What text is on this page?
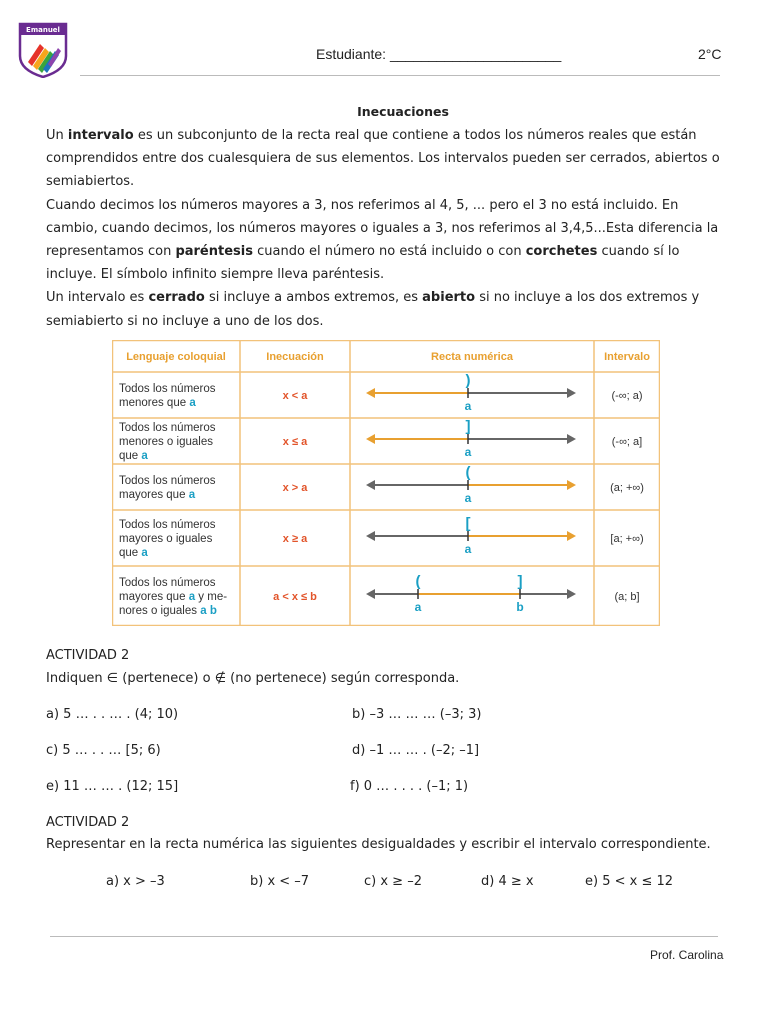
Emanuel
Estudiante: ______________________	2°C
Inecuaciones

Un intervalo es un subconjunto de la recta real que contiene a todos los números reales que están comprendidos entre dos cualesquiera de sus elementos. Los intervalos pueden ser cerrados, abiertos o semiabiertos.

Cuando decimos los números mayores a 3, nos referimos al 4, 5, ... pero el 3 no está incluido. En cambio, cuando decimos, los números mayores o iguales a 3, nos referimos al 3,4,5...Esta diferencia la representamos con paréntesis cuando el número no está incluido o con corchetes cuando sí lo incluye. El símbolo infinito siempre lleva paréntesis.

Un intervalo es cerrado si incluye a ambos extremos, es abierto si no incluye a los dos extremos y semiabierto si no incluye a uno de los dos.

Lenguaje coloquial	Inecuación	Recta numérica	Intervalo
Todos los números
menores que a
x < a	(-∞; a)
)
a
Todos los números
menores o iguales
que a
x ≤ a	(-∞; a]
]
a
Todos los números
mayores que a
x > a	(a; +∞)
(
a
Todos los números
mayores o iguales
que a
x ≥ a	[a; +∞)
[
a
Todos los números
mayores que a y me-
nores o iguales a b
a < x ≤ b	(a; b]
(
a
]
b
ACTIVIDAD 2
Indiquen ∈ (pertenece) o ∉ (no pertenece) según corresponda.
a) 5 … . . … . (4; 10)	b) –3 … … … (–3; 3)
c) 5 … . . … [5; 6)	d) –1 … … . (–2; –1]
e) 11 … … . (12; 15]	f) 0 … . . . . (–1; 1)
ACTIVIDAD 2
Representar en la recta numérica las siguientes desigualdades y escribir el intervalo correspondiente.
a) x > –3	b) x < –7	c) x ≥ –2	d) 4 ≥ x	e) 5 < x ≤ 12
Prof. Carolina
